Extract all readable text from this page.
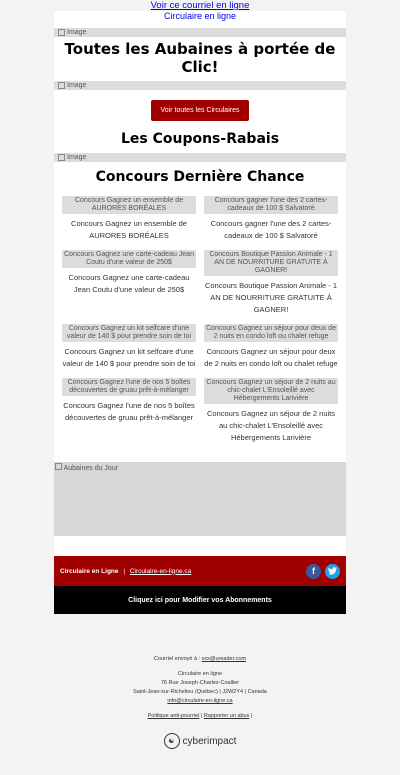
Voir ce courriel en ligne
Circulaire en ligne
Image
Toutes les Aubaines à portée de Clic!
Image
Voir toutes les Circulaires
Les Coupons-Rabais
Image
Concours Dernière Chance
Concours Gagnez un ensemble de AURORES BORÉALES
Concours Gagnez un ensemble de AURORES BORÉALES
Concours gagner l'une des 2 cartes-cadeaux de 100 $ Salvatoré
Concours gagner l'une des 2 cartes-cadeaux de 100 $ Salvatoré
Concours Gagnez une carte-cadeau Jean Coutu d'une valeur de 250$
Concours Gagnez une carte-cadeau Jean Coutu d'une valeur de 250$
Concours Boutique Passion Animale - 1 AN DE NOURRITURE GRATUITE À GAGNER!
Concours Boutique Passion Animale - 1 AN DE NOURRITURE GRATUITE À GAGNER!
Concours Gagnez un kit selfcare d'une valeur de 140 $ pour prendre soin de toi
Concours Gagnez un kit selfcare d'une valeur de 140 $ pour prendre soin de toi
Concours Gagnez un séjour pour deux de 2 nuits en condo loft ou chalet refuge
Concours Gagnez un séjour pour deux de 2 nuits en condo loft ou chalet refuge
Concours Gagnez l'une de nos 5 boîtes découvertes de gruau prêt-à-mélanger
Concours Gagnez l'une de nos 5 boîtes découvertes de gruau prêt-à-mélanger
Concours Gagnez un séjour de 2 nuits au chic-chalet L'Ensoleillé avec Hébergements Larivière
Concours Gagnez un séjour de 2 nuits au chic-chalet L'Ensoleillé avec Hébergements Larivière
Aubaines du Jour
Circulaire en Ligne | Circulaire-en-ligne.ca	f
Cliquez ici pour Modifier vos Abonnements
Courriel envoyé à : xxx@ureader.com
Circulaire en ligne
76 Rue Joseph-Charles-Coallier
Saint-Jean-sur-Richelieu (Québec) | J2W2Y4 | Canada
info@circulaire-en-ligne.ca
Politique anti-pourriel | Rapporter un abus |
☯ cyberimpact
